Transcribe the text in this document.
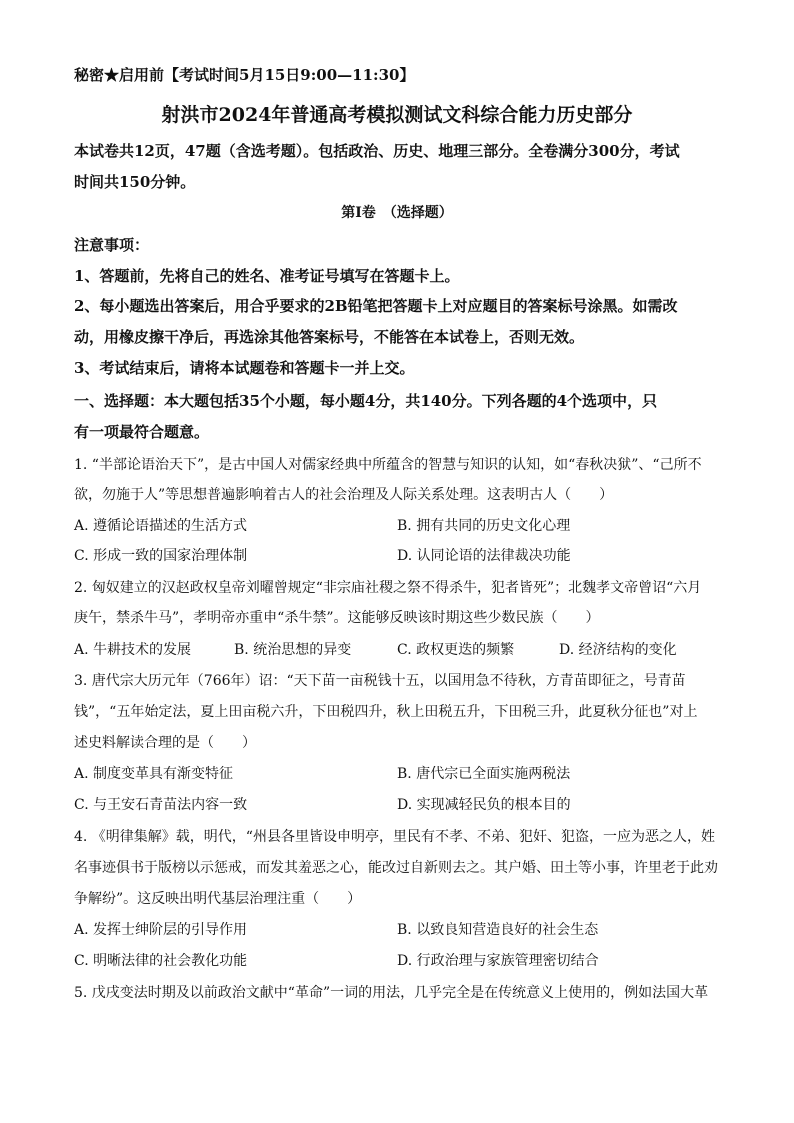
秘密★启用前【考试时间5月15日9:00—11:30】
射洪市2024年普通高考模拟测试文科综合能力历史部分
本试卷共12页，47题（含选考题）。包括政治、历史、地理三部分。全卷满分300分，考试
时间共150分钟。
第Ⅰ卷　（选择题）
注意事项：
1、答题前，先将自己的姓名、准考证号填写在答题卡上。
2、每小题选出答案后，用合乎要求的2B铅笔把答题卡上对应题目的答案标号涂黑。如需改
动，用橡皮擦干净后，再选涂其他答案标号，不能答在本试卷上，否则无效。
3、考试结束后，请将本试题卷和答题卡一并上交。
一、选择题：本大题包括35个小题，每小题4分，共140分。下列各题的4个选项中，只
有一项最符合题意。
1. “半部论语治天下”，是古中国人对儒家经典中所蕴含的智慧与知识的认知，如“春秋决狱”、“己所不
欲，勿施于人”等思想普遍影响着古人的社会治理及人际关系处理。这表明古人（　　）
A. 遵循论语描述的生活方式	B. 拥有共同的历史文化心理
C. 形成一致的国家治理体制	D. 认同论语的法律裁决功能
2. 匈奴建立的汉赵政权皇帝刘曜曾规定“非宗庙社稷之祭不得杀牛，犯者皆死”；北魏孝文帝曾诏“六月
庚午，禁杀牛马”，孝明帝亦重申“杀牛禁”。这能够反映该时期这些少数民族（　　）
A. 牛耕技术的发展	B. 统治思想的异变	C. 政权更迭的频繁	D. 经济结构的变化
3. 唐代宗大历元年（766年）诏：“天下苗一亩税钱十五，以国用急不待秋，方青苗即征之，号青苗
钱”，“五年始定法，夏上田亩税六升，下田税四升，秋上田税五升，下田税三升，此夏秋分征也”对上
述史料解读合理的是（　　）
A. 制度变革具有渐变特征	B. 唐代宗已全面实施两税法
C. 与王安石青苗法内容一致	D. 实现减轻民负的根本目的
4. 《明律集解》载，明代，“州县各里皆设申明亭，里民有不孝、不弟、犯奸、犯盗，一应为恶之人，姓
名事迹俱书于版榜以示惩戒，而发其羞恶之心，能改过自新则去之。其户婚、田土等小事，许里老于此劝
争解纷”。这反映出明代基层治理注重（　　）
A. 发挥士绅阶层的引导作用	B. 以致良知营造良好的社会生态
C. 明晰法律的社会教化功能	D. 行政治理与家族管理密切结合
5. 戊戌变法时期及以前政治文献中“革命”一词的用法，几乎完全是在传统意义上使用的，例如法国大革
